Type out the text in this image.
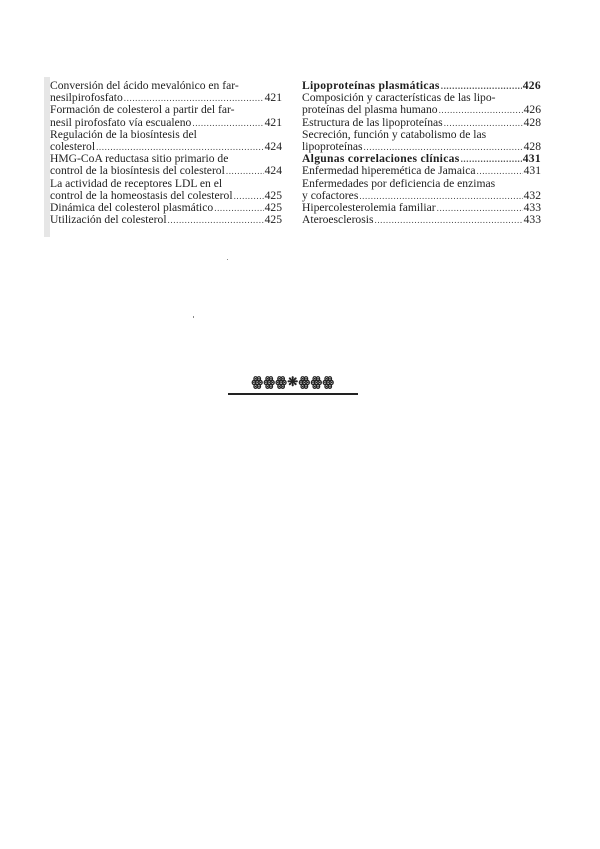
Conversión del ácido mevalónico en far-
nesilpirofosfato .....	421
Formación de colesterol a partir del far-
nesil pirofosfato vía escualeno .....	421
Regulación de la biosíntesis del
colesterol .....	424
HMG-CoA reductasa sitio primario de
control de la biosíntesis del colesterol .....	424
La actividad de receptores LDL en el
control de la homeostasis del colesterol .....	425
Dinámica del colesterol plasmático .....	425
Utilización del colesterol .....	425
Lipoproteínas plasmáticas .....	426
Composición y características de las lipo-
proteínas del plasma humano .....	426
Estructura de las lipoproteínas .....	428
Secreción, función y catabolismo de las
lipoproteínas .....	428
Algunas correlaciones clínicas .....	431
Enfermedad hiperemética de Jamaica .....	431
Enfermedades por deficiencia de enzimas
y cofactores .....	432
Hipercolesterolemia familiar .....	433
Ateroesclerosis .....	433
ꙮꙮꙮ❋ꙮꙮꙮ
